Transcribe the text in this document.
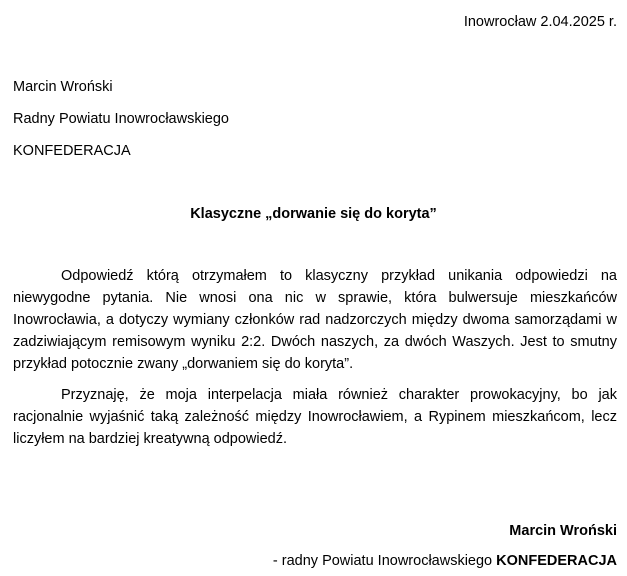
Inowrocław 2.04.2025 r.
Marcin Wroński
Radny Powiatu Inowrocławskiego
KONFEDERACJA
Klasyczne „dorwanie się do koryta”

Odpowiedź którą otrzymałem to klasyczny przykład unikania odpowiedzi na niewygodne pytania. Nie wnosi ona nic w sprawie, która bulwersuje mieszkańców Inowrocławia, a dotyczy wymiany członków rad nadzorczych między dwoma samorządami w zadziwiającym remisowym wyniku 2:2. Dwóch naszych, za dwóch Waszych. Jest to smutny przykład potocznie zwany „dorwaniem się do koryta”.

Przyznaję, że moja interpelacja miała również charakter prowokacyjny, bo jak racjonalnie wyjaśnić taką zależność między Inowrocławiem, a Rypinem mieszkańcom, lecz liczyłem na bardziej kreatywną odpowiedź.

Marcin Wroński
- radny Powiatu Inowrocławskiego KONFEDERACJA
